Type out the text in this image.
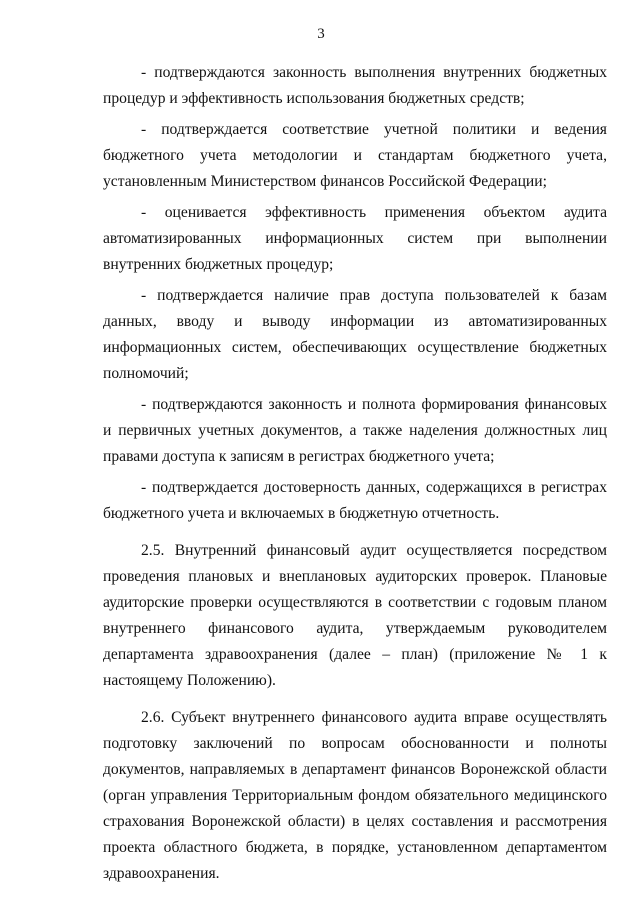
3

- подтверждаются законность выполнения внутренних бюджетных процедур и эффективность использования бюджетных средств;

- подтверждается соответствие учетной политики и ведения бюджетного учета методологии и стандартам бюджетного учета, установленным Министерством финансов Российской Федерации;

- оценивается эффективность применения объектом аудита автоматизированных информационных систем при выполнении внутренних бюджетных процедур;

- подтверждается наличие прав доступа пользователей к базам данных, вводу и выводу информации из автоматизированных информационных систем, обеспечивающих осуществление бюджетных полномочий;

- подтверждаются законность и полнота формирования финансовых и первичных учетных документов, а также наделения должностных лиц правами доступа к записям в регистрах бюджетного учета;

- подтверждается достоверность данных, содержащихся в регистрах бюджетного учета и включаемых в бюджетную отчетность.

2.5. Внутренний финансовый аудит осуществляется посредством проведения плановых и внеплановых аудиторских проверок. Плановые аудиторские проверки осуществляются в соответствии с годовым планом внутреннего финансового аудита, утверждаемым руководителем департамента здравоохранения (далее – план) (приложение № 1 к настоящему Положению).

2.6. Субъект внутреннего финансового аудита вправе осуществлять подготовку заключений по вопросам обоснованности и полноты документов, направляемых в департамент финансов Воронежской области (орган управления Территориальным фондом обязательного медицинского страхования Воронежской области) в целях составления и рассмотрения проекта областного бюджета, в порядке, установленном департаментом здравоохранения.
